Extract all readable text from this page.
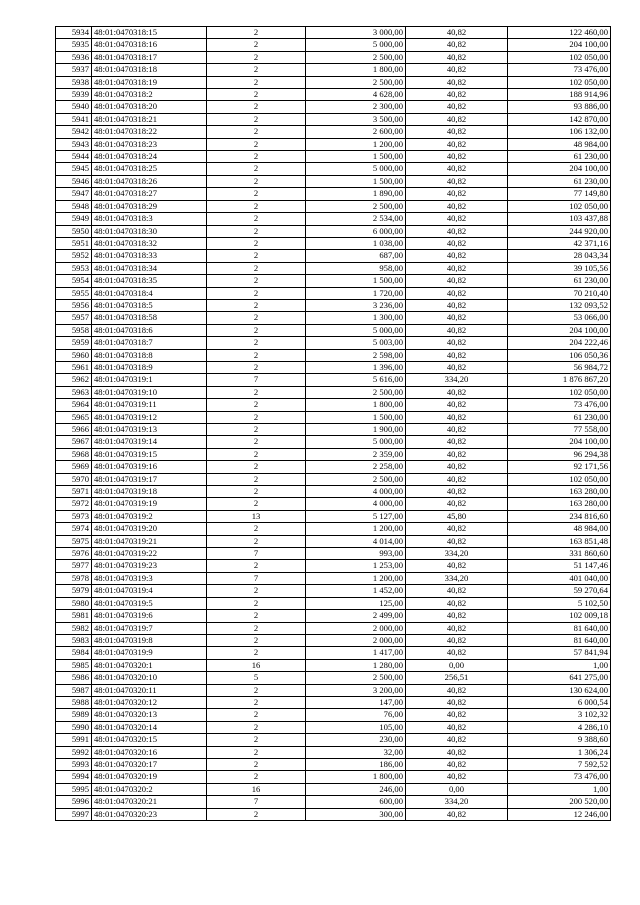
5934	48:01:0470318:15	2	3 000,00	40,82	122 460,00
5935	48:01:0470318:16	2	5 000,00	40,82	204 100,00
5936	48:01:0470318:17	2	2 500,00	40,82	102 050,00
5937	48:01:0470318:18	2	1 800,00	40,82	73 476,00
5938	48:01:0470318:19	2	2 500,00	40,82	102 050,00
5939	48:01:0470318:2	2	4 628,00	40,82	188 914,96
5940	48:01:0470318:20	2	2 300,00	40,82	93 886,00
5941	48:01:0470318:21	2	3 500,00	40,82	142 870,00
5942	48:01:0470318:22	2	2 600,00	40,82	106 132,00
5943	48:01:0470318:23	2	1 200,00	40,82	48 984,00
5944	48:01:0470318:24	2	1 500,00	40,82	61 230,00
5945	48:01:0470318:25	2	5 000,00	40,82	204 100,00
5946	48:01:0470318:26	2	1 500,00	40,82	61 230,00
5947	48:01:0470318:27	2	1 890,00	40,82	77 149,80
5948	48:01:0470318:29	2	2 500,00	40,82	102 050,00
5949	48:01:0470318:3	2	2 534,00	40,82	103 437,88
5950	48:01:0470318:30	2	6 000,00	40,82	244 920,00
5951	48:01:0470318:32	2	1 038,00	40,82	42 371,16
5952	48:01:0470318:33	2	687,00	40,82	28 043,34
5953	48:01:0470318:34	2	958,00	40,82	39 105,56
5954	48:01:0470318:35	2	1 500,00	40,82	61 230,00
5955	48:01:0470318:4	2	1 720,00	40,82	70 210,40
5956	48:01:0470318:5	2	3 236,00	40,82	132 093,52
5957	48:01:0470318:58	2	1 300,00	40,82	53 066,00
5958	48:01:0470318:6	2	5 000,00	40,82	204 100,00
5959	48:01:0470318:7	2	5 003,00	40,82	204 222,46
5960	48:01:0470318:8	2	2 598,00	40,82	106 050,36
5961	48:01:0470318:9	2	1 396,00	40,82	56 984,72
5962	48:01:0470319:1	7	5 616,00	334,20	1 876 867,20
5963	48:01:0470319:10	2	2 500,00	40,82	102 050,00
5964	48:01:0470319:11	2	1 800,00	40,82	73 476,00
5965	48:01:0470319:12	2	1 500,00	40,82	61 230,00
5966	48:01:0470319:13	2	1 900,00	40,82	77 558,00
5967	48:01:0470319:14	2	5 000,00	40,82	204 100,00
5968	48:01:0470319:15	2	2 359,00	40,82	96 294,38
5969	48:01:0470319:16	2	2 258,00	40,82	92 171,56
5970	48:01:0470319:17	2	2 500,00	40,82	102 050,00
5971	48:01:0470319:18	2	4 000,00	40,82	163 280,00
5972	48:01:0470319:19	2	4 000,00	40,82	163 280,00
5973	48:01:0470319:2	13	5 127,00	45,80	234 816,60
5974	48:01:0470319:20	2	1 200,00	40,82	48 984,00
5975	48:01:0470319:21	2	4 014,00	40,82	163 851,48
5976	48:01:0470319:22	7	993,00	334,20	331 860,60
5977	48:01:0470319:23	2	1 253,00	40,82	51 147,46
5978	48:01:0470319:3	7	1 200,00	334,20	401 040,00
5979	48:01:0470319:4	2	1 452,00	40,82	59 270,64
5980	48:01:0470319:5	2	125,00	40,82	5 102,50
5981	48:01:0470319:6	2	2 499,00	40,82	102 009,18
5982	48:01:0470319:7	2	2 000,00	40,82	81 640,00
5983	48:01:0470319:8	2	2 000,00	40,82	81 640,00
5984	48:01:0470319:9	2	1 417,00	40,82	57 841,94
5985	48:01:0470320:1	16	1 280,00	0,00	1,00
5986	48:01:0470320:10	5	2 500,00	256,51	641 275,00
5987	48:01:0470320:11	2	3 200,00	40,82	130 624,00
5988	48:01:0470320:12	2	147,00	40,82	6 000,54
5989	48:01:0470320:13	2	76,00	40,82	3 102,32
5990	48:01:0470320:14	2	105,00	40,82	4 286,10
5991	48:01:0470320:15	2	230,00	40,82	9 388,60
5992	48:01:0470320:16	2	32,00	40,82	1 306,24
5993	48:01:0470320:17	2	186,00	40,82	7 592,52
5994	48:01:0470320:19	2	1 800,00	40,82	73 476,00
5995	48:01:0470320:2	16	246,00	0,00	1,00
5996	48:01:0470320:21	7	600,00	334,20	200 520,00
5997	48:01:0470320:23	2	300,00	40,82	12 246,00
